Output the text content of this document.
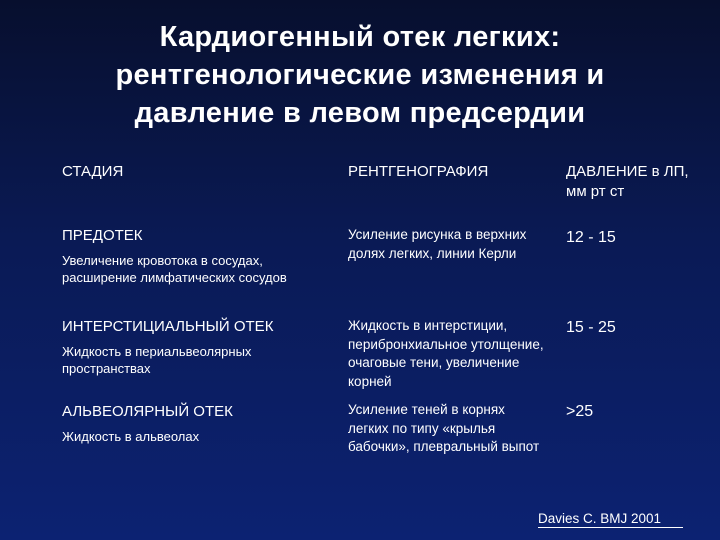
Кардиогенный отек легких:
рентгенологические изменения и
давление в левом предсердии
СТАДИЯ	РЕНТГЕНОГРАФИЯ	ДАВЛЕНИЕ в ЛП, мм рт ст
ПРЕДОТЕК
Увеличение кровотока в сосудах, расширение лимфатических сосудов
Усиление рисунка в верхних долях легких, линии Керли
12 - 15
ИНТЕРСТИЦИАЛЬНЫЙ ОТЕК
Жидкость в периальвеолярных пространствах
Жидкость в интерстиции, перибронхиальное утолщение, очаговые тени, увеличение корней
15 - 25
АЛЬВЕОЛЯРНЫЙ ОТЕК
Жидкость в альвеолах
Усиление теней в корнях легких по типу «крылья бабочки», плевральный выпот
>25
Davies C. BMJ 2001
